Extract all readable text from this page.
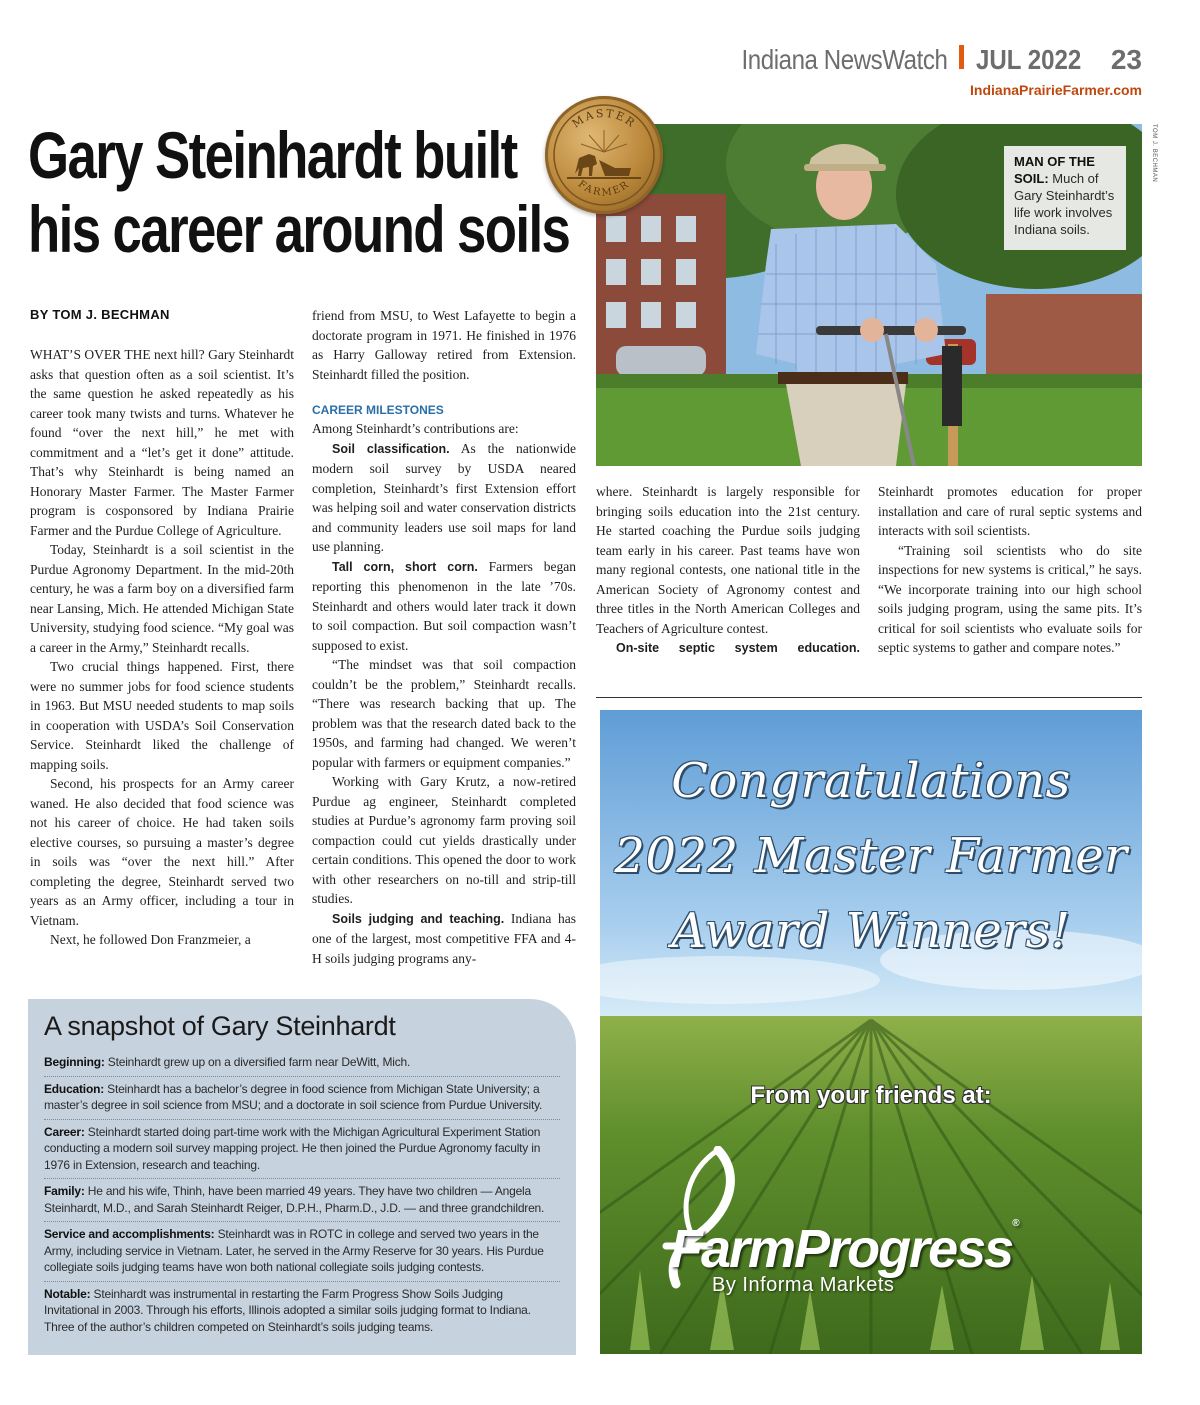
Indiana NewsWatch JUL 2022 23
IndianaPrairieFarmer.com
Gary Steinhardt built
his career around soils
MASTER
FARMER
MAN OF THE SOIL: Much of Gary Steinhardt’s life work involves Indiana soils.
TOM J. BECHMAN
BY TOM J. BECHMAN

WHAT’S OVER THE next hill? Gary Steinhardt asks that question often as a soil scientist. It’s the same question he asked repeatedly as his career took many twists and turns. Whatever he found “over the next hill,” he met with commitment and a “let’s get it done” attitude. That’s why Steinhardt is being named an Honorary Master Farmer. The Master Farmer program is cosponsored by Indiana Prairie Farmer and the Purdue College of Agriculture.

Today, Steinhardt is a soil scientist in the Purdue Agronomy Department. In the mid-20th century, he was a farm boy on a diversified farm near Lansing, Mich. He attended Michigan State University, studying food science. “My goal was a career in the Army,” Steinhardt recalls.

Two crucial things happened. First, there were no summer jobs for food science students in 1963. But MSU needed students to map soils in cooperation with USDA’s Soil Conservation Service. Steinhardt liked the challenge of mapping soils.

Second, his prospects for an Army career waned. He also decided that food science was not his career of choice. He had taken soils elective courses, so pursuing a master’s degree in soils was “over the next hill.” After completing the degree, Steinhardt served two years as an Army officer, including a tour in Vietnam.

Next, he followed Don Franzmeier, a

friend from MSU, to West Lafayette to begin a doctorate program in 1971. He finished in 1976 as Harry Galloway retired from Extension. Steinhardt filled the position.

CAREER MILESTONES

Among Steinhardt’s contributions are:

Soil classification. As the nationwide modern soil survey by USDA neared completion, Steinhardt’s first Extension effort was helping soil and water conservation districts and community leaders use soil maps for land use planning.

Tall corn, short corn. Farmers began reporting this phenomenon in the late ’70s. Steinhardt and others would later track it down to soil compaction. But soil compaction wasn’t supposed to exist.

“The mindset was that soil compaction couldn’t be the problem,” Steinhardt recalls. “There was research backing that up. The problem was that the research dated back to the 1950s, and farming had changed. We weren’t popular with farmers or equipment companies.”

Working with Gary Krutz, a now-retired Purdue ag engineer, Steinhardt completed studies at Purdue’s agronomy farm proving soil compaction could cut yields drastically under certain conditions. This opened the door to work with other researchers on no-till and strip-till studies.

Soils judging and teaching. Indiana has one of the largest, most competitive FFA and 4-H soils judging programs any-

where. Steinhardt is largely responsible for bringing soils education into the 21st century. He started coaching the Purdue soils judging team early in his career. Past teams have won many regional contests, one national title in the American Society of Agronomy contest and three titles in the North American Colleges and Teachers of Agriculture contest.

On-site septic system education.

Steinhardt promotes education for proper installation and care of rural septic systems and interacts with soil scientists.

“Training soil scientists who do site inspections for new systems is critical,” he says. “We incorporate training into our high school soils judging program, using the same pits. It’s critical for soil scientists who evaluate soils for septic systems to gather and compare notes.”

A snapshot of Gary Steinhardt
Beginning: Steinhardt grew up on a diversified farm near DeWitt, Mich.
Education: Steinhardt has a bachelor’s degree in food science from Michigan State University; a master’s degree in soil science from MSU; and a doctorate in soil science from Purdue University.
Career: Steinhardt started doing part-time work with the Michigan Agricultural Experiment Station conducting a modern soil survey mapping project. He then joined the Purdue Agronomy faculty in 1976 in Extension, research and teaching.
Family: He and his wife, Thinh, have been married 49 years. They have two children — Angela Steinhardt, M.D., and Sarah Steinhardt Reiger, D.P.H., Pharm.D., J.D. — and three grandchildren.
Service and accomplishments: Steinhardt was in ROTC in college and served two years in the Army, including service in Vietnam. Later, he served in the Army Reserve for 30 years. His Purdue collegiate soils judging teams have won both national collegiate soils judging contests.
Notable: Steinhardt was instrumental in restarting the Farm Progress Show Soils Judging Invitational in 2003. Through his efforts, Illinois adopted a similar soils judging format to Indiana. Three of the author’s children competed on Steinhardt’s soils judging teams.
Congratulations
2022 Master Farmer
Award Winners!
From your friends at:
FarmProgress®
By Informa Markets
